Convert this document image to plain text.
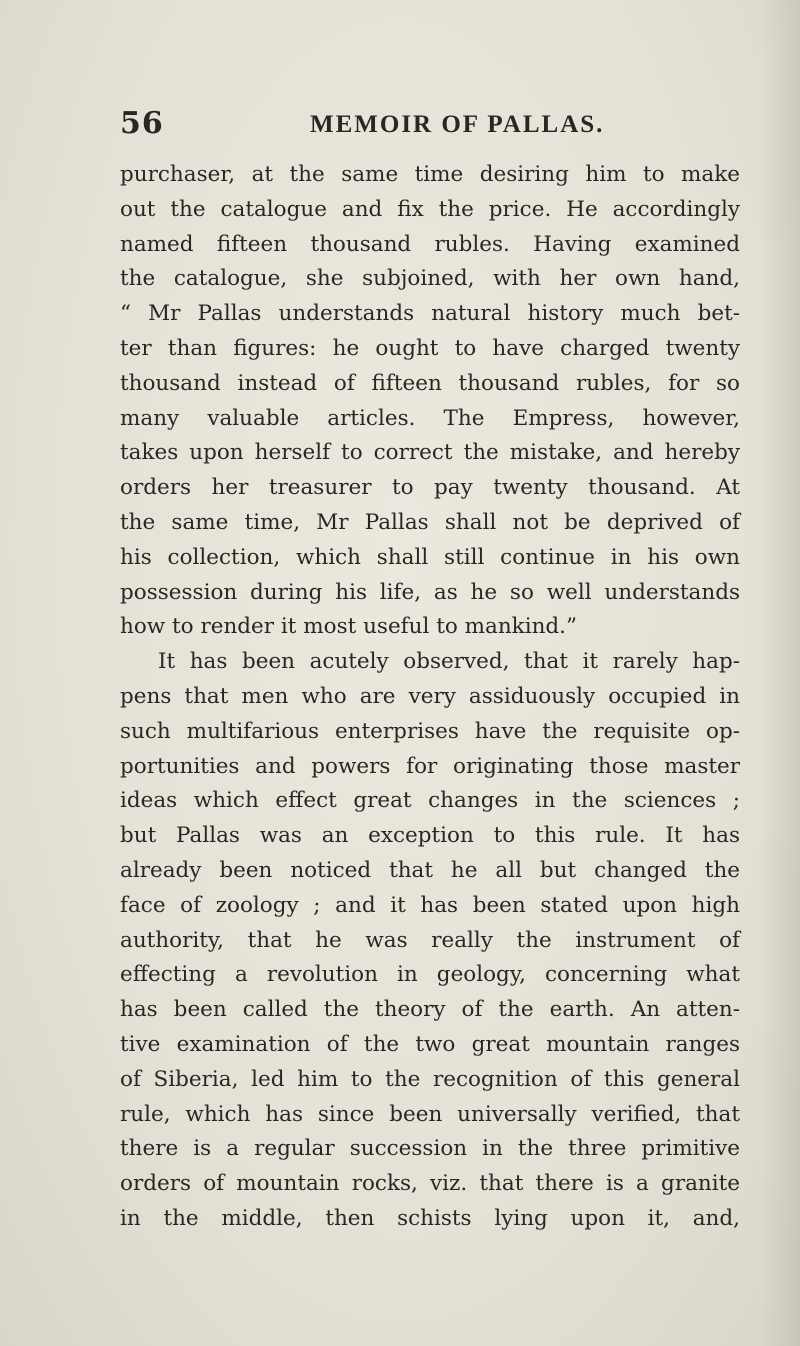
56	MEMOIR OF PALLAS.
purchaser, at the same time desiring him to make
out the catalogue and fix the price. He accordingly
named fifteen thousand rubles. Having examined
the catalogue, she subjoined, with her own hand,
“ Mr Pallas understands natural history much bet-
ter than figures: he ought to have charged twenty
thousand instead of fifteen thousand rubles, for so
many valuable articles. The Empress, however,
takes upon herself to correct the mistake, and hereby
orders her treasurer to pay twenty thousand. At
the same time, Mr Pallas shall not be deprived of
his collection, which shall still continue in his own
possession during his life, as he so well understands
how to render it most useful to mankind.”
It has been acutely observed, that it rarely hap-
pens that men who are very assiduously occupied in
such multifarious enterprises have the requisite op-
portunities and powers for originating those master
ideas which effect great changes in the sciences ;
but Pallas was an exception to this rule. It has
already been noticed that he all but changed the
face of zoology ; and it has been stated upon high
authority, that he was really the instrument of
effecting a revolution in geology, concerning what
has been called the theory of the earth. An atten-
tive examination of the two great mountain ranges
of Siberia, led him to the recognition of this general
rule, which has since been universally verified, that
there is a regular succession in the three primitive
orders of mountain rocks, viz. that there is a granite
in the middle, then schists lying upon it, and,
